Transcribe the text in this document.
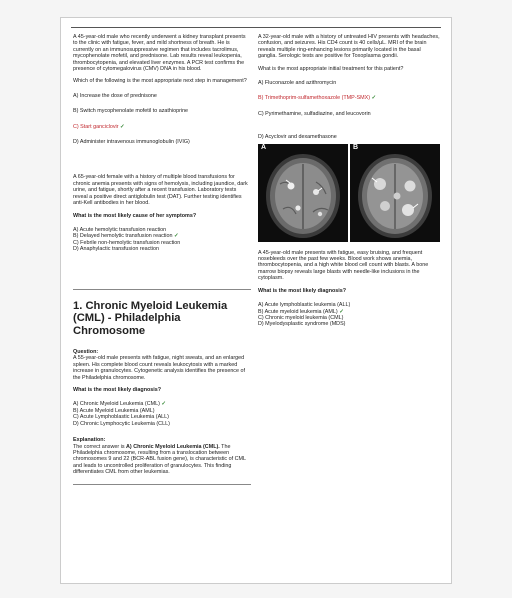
A 45-year-old male who recently underwent a kidney transplant presents to the clinic with fatigue, fever, and mild shortness of breath. He is currently on an immunosuppressive regimen that includes tacrolimus, mycophenolate mofetil, and prednisone. Lab results reveal leukopenia, thrombocytopenia, and elevated liver enzymes. A PCR test confirms the presence of cytomegalovirus (CMV) DNA in his blood.

Which of the following is the most appropriate next step in management?

A) Increase the dose of prednisone
B) Switch mycophenolate mofetil to azathioprine
C) Start ganciclovir ✓
D) Administer intravenous immunoglobulin (IVIG)

A 65-year-old female with a history of multiple blood transfusions for chronic anemia presents with signs of hemolysis, including jaundice, dark urine, and fatigue, shortly after a recent transfusion. Laboratory tests reveal a positive direct antiglobulin test (DAT). Further testing identifies anti-Kell antibodies in her blood.

What is the most likely cause of her symptoms?

A) Acute hemolytic transfusion reaction
B) Delayed hemolytic transfusion reaction ✓
C) Febrile non-hemolytic transfusion reaction
D) Anaphylactic transfusion reaction
1. Chronic Myeloid Leukemia (CML) - Philadelphia Chromosome
Question:

A 55-year-old male presents with fatigue, night sweats, and an enlarged spleen. His complete blood count reveals leukocytosis with a marked increase in granulocytes. Cytogenetic analysis identifies the presence of the Philadelphia chromosome.

What is the most likely diagnosis?

A) Chronic Myeloid Leukemia (CML) ✓
B) Acute Myeloid Leukemia (AML)
C) Acute Lymphoblastic Leukemia (ALL)
D) Chronic Lymphocytic Leukemia (CLL)
Explanation:

The correct answer is A) Chronic Myeloid Leukemia (CML). The Philadelphia chromosome, resulting from a translocation between chromosomes 9 and 22 (BCR-ABL fusion gene), is characteristic of CML and leads to uncontrolled proliferation of granulocytes. This finding differentiates CML from other leukemias.

A 32-year-old male with a history of untreated HIV presents with headaches, confusion, and seizures. His CD4 count is 40 cells/µL. MRI of the brain reveals multiple ring-enhancing lesions primarily located in the basal ganglia. Serologic tests are positive for Toxoplasma gondii.

What is the most appropriate initial treatment for this patient?

A) Fluconazole and azithromycin
B) Trimethoprim-sulfamethoxazole (TMP-SMX) ✓
C) Pyrimethamine, sulfadiazine, and leucovorin
D) Acyclovir and dexamethasone
A	B

A 45-year-old male presents with fatigue, easy bruising, and frequent nosebleeds over the past few weeks. Blood work shows anemia, thrombocytopenia, and a high white blood cell count with blasts. A bone marrow biopsy reveals large blasts with needle-like inclusions in the cytoplasm.

What is the most likely diagnosis?

A) Acute lymphoblastic leukemia (ALL)
B) Acute myeloid leukemia (AML) ✓
C) Chronic myeloid leukemia (CML)
D) Myelodysplastic syndrome (MDS)
